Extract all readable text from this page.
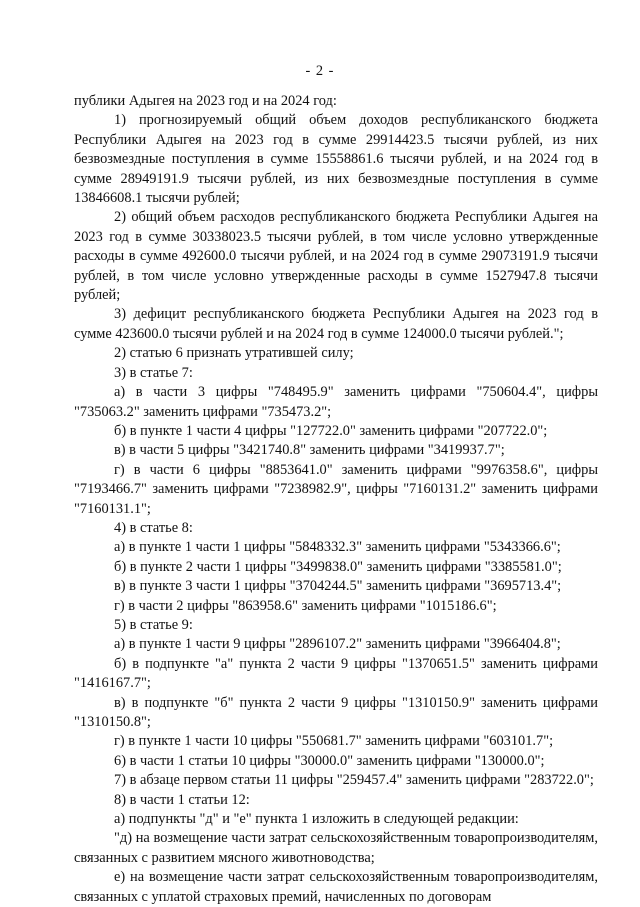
- 2 -

публики Адыгея на 2023 год и на 2024 год:

1) прогнозируемый общий объем доходов республиканского бюджета Республики Адыгея на 2023 год в сумме 29914423.5 тысячи рублей, из них безвозмездные поступления в сумме 15558861.6 тысячи рублей, и на 2024 год в сумме 28949191.9 тысячи рублей, из них безвозмездные поступления в сумме 13846608.1 тысячи рублей;

2) общий объем расходов республиканского бюджета Республики Адыгея на 2023 год в сумме 30338023.5 тысячи рублей, в том числе условно утвержденные расходы в сумме 492600.0 тысячи рублей, и на 2024 год в сумме 29073191.9 тысячи рублей, в том числе условно утвержденные расходы в сумме 1527947.8 тысячи рублей;

3) дефицит республиканского бюджета Республики Адыгея на 2023 год в сумме 423600.0 тысячи рублей и на 2024 год в сумме 124000.0 тысячи рублей.";

2) статью 6 признать утратившей силу;

3) в статье 7:

а) в части 3 цифры "748495.9" заменить цифрами "750604.4", цифры "735063.2" заменить цифрами "735473.2";

б) в пункте 1 части 4 цифры "127722.0" заменить цифрами "207722.0";

в) в части 5 цифры "3421740.8" заменить цифрами "3419937.7";

г) в части 6 цифры "8853641.0" заменить цифрами "9976358.6", цифры "7193466.7" заменить цифрами "7238982.9", цифры "7160131.2" заменить цифрами "7160131.1";

4) в статье 8:

а) в пункте 1 части 1 цифры "5848332.3" заменить цифрами "5343366.6";

б) в пункте 2 части 1 цифры "3499838.0" заменить цифрами "3385581.0";

в) в пункте 3 части 1 цифры "3704244.5" заменить цифрами "3695713.4";

г) в части 2 цифры "863958.6" заменить цифрами "1015186.6";

5) в статье 9:

а) в пункте 1 части 9 цифры "2896107.2" заменить цифрами "3966404.8";

б) в подпункте "а" пункта 2 части 9 цифры "1370651.5" заменить цифрами "1416167.7";

в) в подпункте "б" пункта 2 части 9 цифры "1310150.9" заменить цифрами "1310150.8";

г) в пункте 1 части 10 цифры "550681.7" заменить цифрами "603101.7";

6) в части 1 статьи 10 цифры "30000.0" заменить цифрами "130000.0";

7) в абзаце первом статьи 11 цифры "259457.4" заменить цифрами "283722.0";

8) в части 1 статьи 12:

а) подпункты "д" и "е" пункта 1 изложить в следующей редакции:

"д) на возмещение части затрат сельскохозяйственным товаропроизводителям, связанных с развитием мясного животноводства;

е) на возмещение части затрат сельскохозяйственным товаропроизводителям, связанных с уплатой страховых премий, начисленных по договорам
